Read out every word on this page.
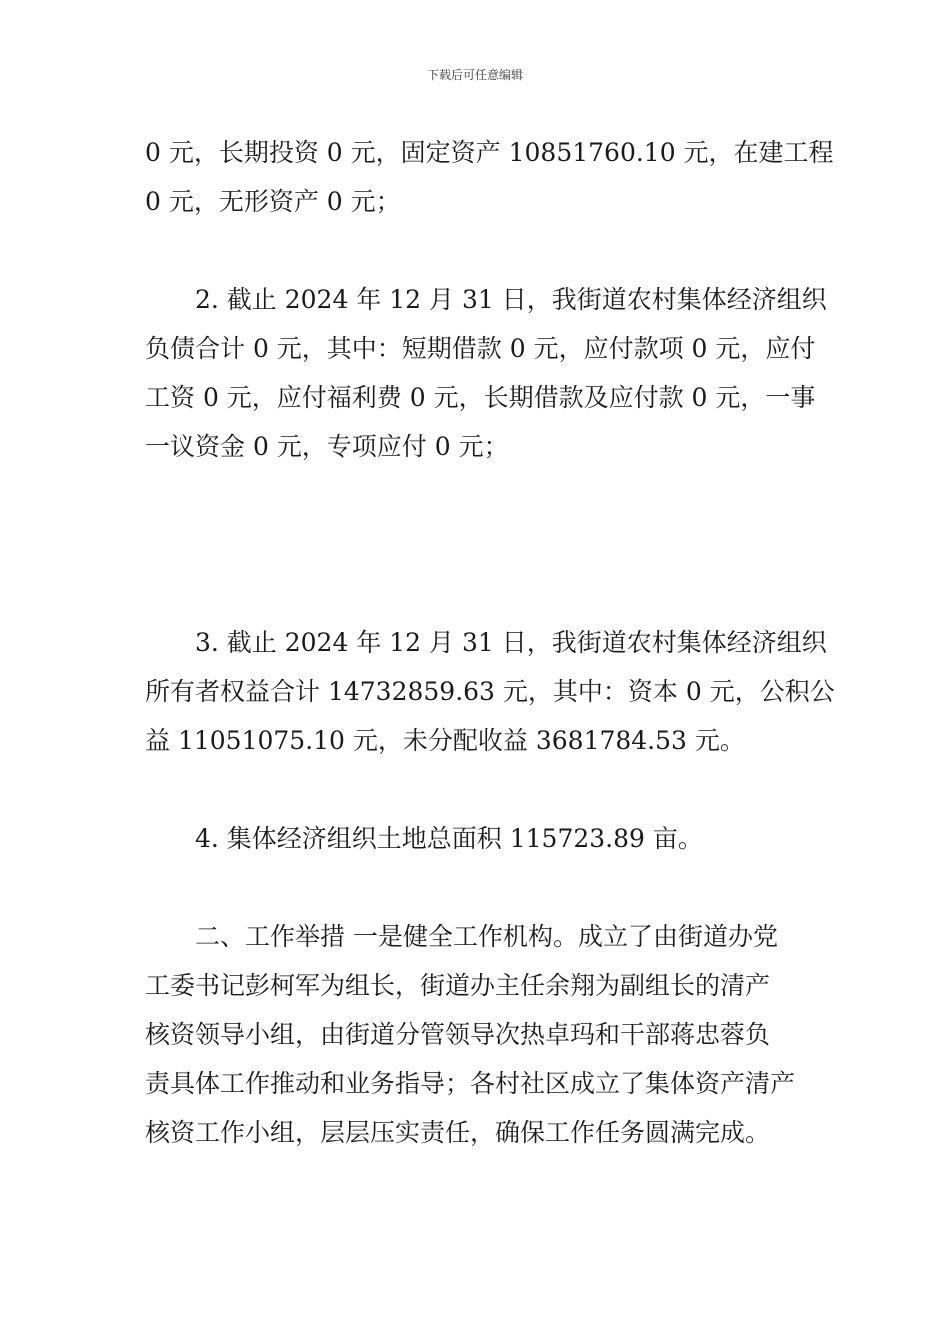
下载后可任意编辑
0 元，长期投资 0 元，固定资产 10851760.10 元，在建工程
0 元，无形资产 0 元；
2. 截止 2024 年 12 月 31 日，我街道农村集体经济组织
负债合计 0 元，其中：短期借款 0 元，应付款项 0 元，应付
工资 0 元，应付福利费 0 元，长期借款及应付款 0 元，一事
一议资金 0 元，专项应付 0 元；
3. 截止 2024 年 12 月 31 日，我街道农村集体经济组织
所有者权益合计 14732859.63 元，其中：资本 0 元，公积公
益 11051075.10 元，未分配收益 3681784.53 元。
4. 集体经济组织土地总面积 115723.89 亩。
二、工作举措 一是健全工作机构。成立了由街道办党
工委书记彭柯军为组长，街道办主任余翔为副组长的清产
核资领导小组，由街道分管领导次热卓玛和干部蒋忠蓉负
责具体工作推动和业务指导；各村社区成立了集体资产清产
核资工作小组，层层压实责任，确保工作任务圆满完成。
